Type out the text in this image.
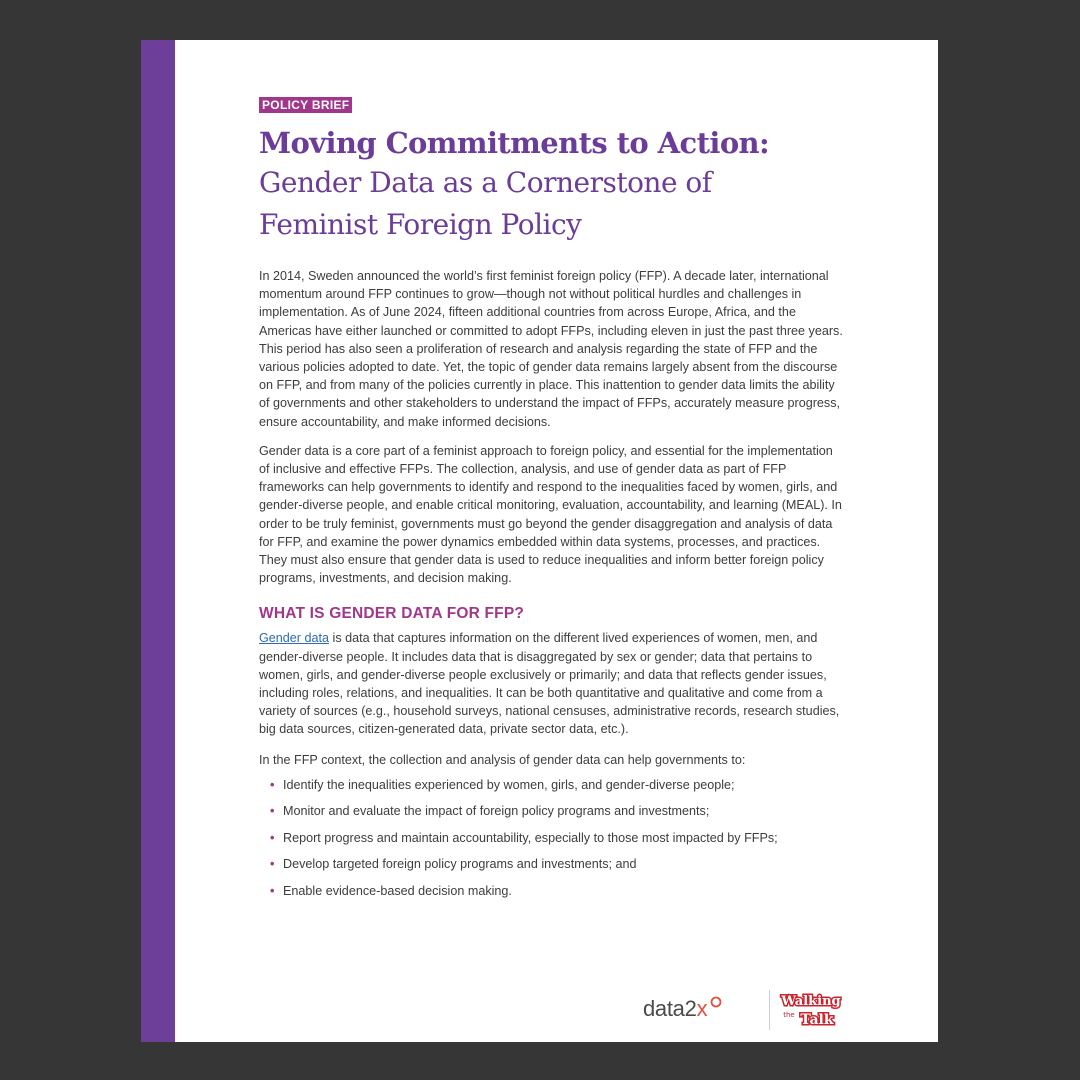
POLICY BRIEF
Moving Commitments to Action:
Gender Data as a Cornerstone of
Feminist Foreign Policy

In 2014, Sweden announced the world’s first feminist foreign policy (FFP). A decade later, international momentum around FFP continues to grow—though not without political hurdles and challenges in implementation. As of June 2024, fifteen additional countries from across Europe, Africa, and the Americas have either launched or committed to adopt FFPs, including eleven in just the past three years. This period has also seen a proliferation of research and analysis regarding the state of FFP and the various policies adopted to date. Yet, the topic of gender data remains largely absent from the discourse on FFP, and from many of the policies currently in place. This inattention to gender data limits the ability of governments and other stakeholders to understand the impact of FFPs, accurately measure progress, ensure accountability, and make informed decisions.

Gender data is a core part of a feminist approach to foreign policy, and essential for the implementation of inclusive and effective FFPs. The collection, analysis, and use of gender data as part of FFP frameworks can help governments to identify and respond to the inequalities faced by women, girls, and gender-diverse people, and enable critical monitoring, evaluation, accountability, and learning (MEAL). In order to be truly feminist, governments must go beyond the gender disaggregation and analysis of data for FFP, and examine the power dynamics embedded within data systems, processes, and practices. They must also ensure that gender data is used to reduce inequalities and inform better foreign policy programs, investments, and decision making.

WHAT IS GENDER DATA FOR FFP?

Gender data is data that captures information on the different lived experiences of women, men, and gender-diverse people. It includes data that is disaggregated by sex or gender; data that pertains to women, girls, and gender-diverse people exclusively or primarily; and data that reflects gender issues, including roles, relations, and inequalities. It can be both quantitative and qualitative and come from a variety of sources (e.g., household surveys, national censuses, administrative records, research studies, big data sources, citizen-generated data, private sector data, etc.).

In the FFP context, the collection and analysis of gender data can help governments to:

• Identify the inequalities experienced by women, girls, and gender-diverse people;
• Monitor and evaluate the impact of foreign policy programs and investments;
• Report progress and maintain accountability, especially to those most impacted by FFPs;
• Develop targeted foreign policy programs and investments; and
• Enable evidence-based decision making.
data2x	Walking
the Talk
